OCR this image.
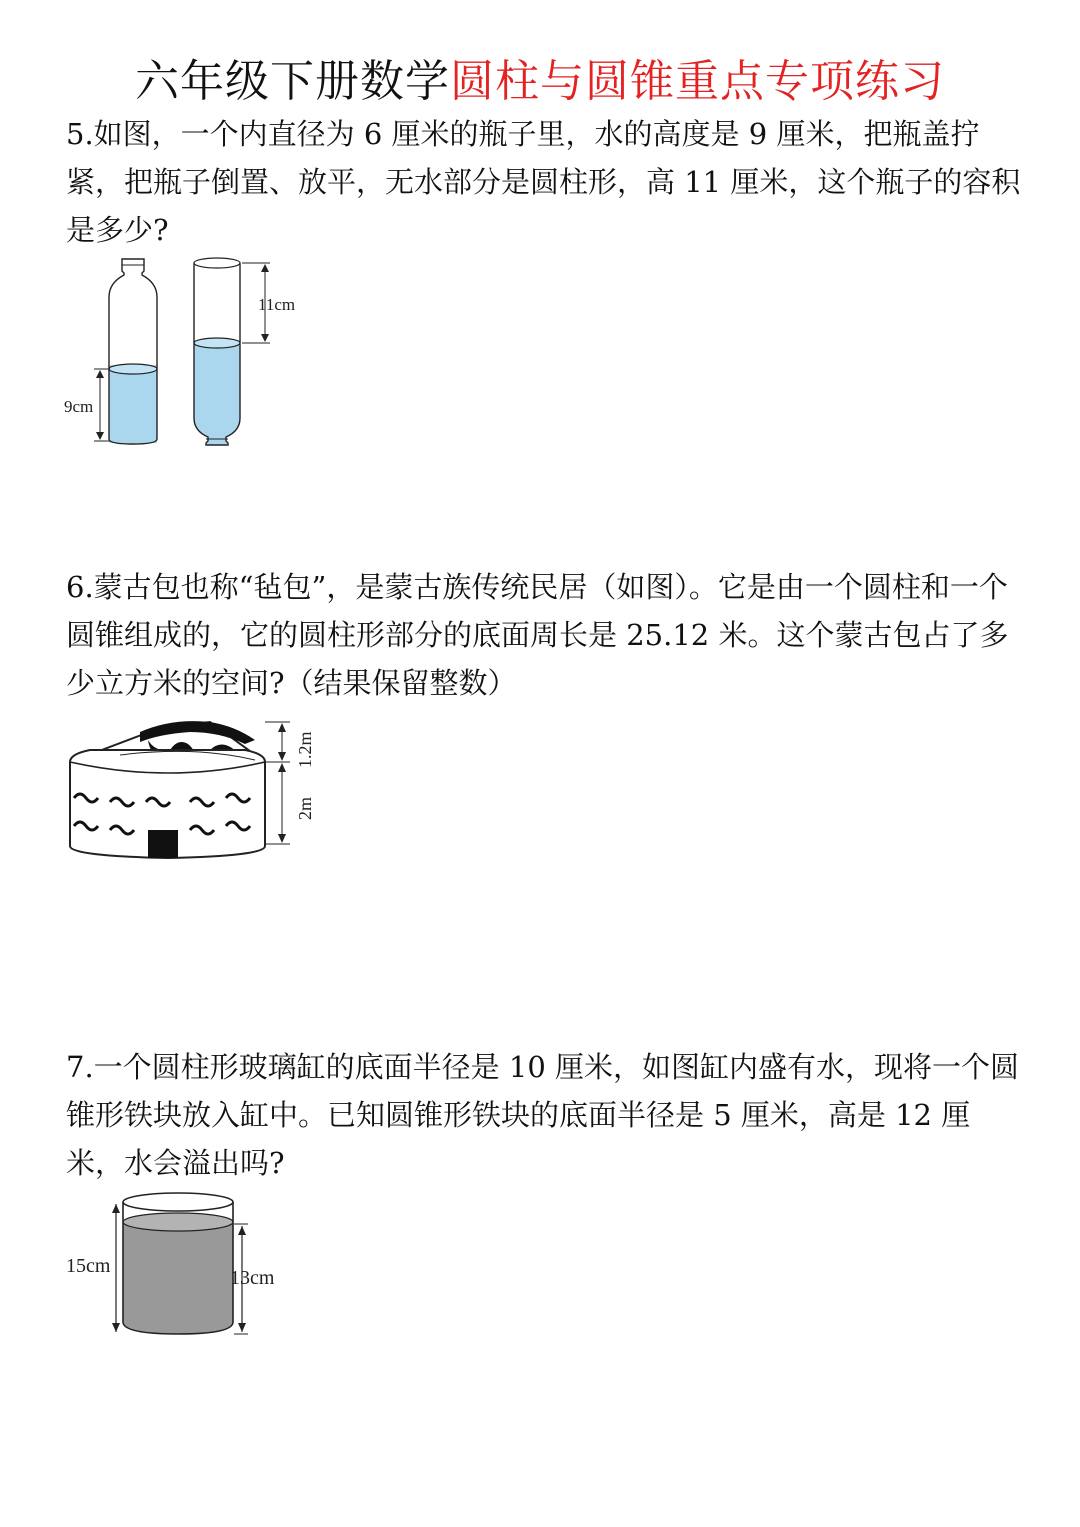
六年级下册数学圆柱与圆锥重点专项练习

5.如图，一个内直径为 6 厘米的瓶子里，水的高度是 9 厘米，把瓶盖拧紧，把瓶子倒置、放平，无水部分是圆柱形，高 11 厘米，这个瓶子的容积是多少?

11cm
9cm

6.蒙古包也称“毡包”，是蒙古族传统民居（如图）。它是由一个圆柱和一个圆锥组成的，它的圆柱形部分的底面周长是 25.12 米。这个蒙古包占了多少立方米的空间?（结果保留整数）

1.2m
2m

7.一个圆柱形玻璃缸的底面半径是 10 厘米，如图缸内盛有水，现将一个圆锥形铁块放入缸中。已知圆锥形铁块的底面半径是 5 厘米，高是 12 厘米，水会溢出吗?

15cm
13cm
